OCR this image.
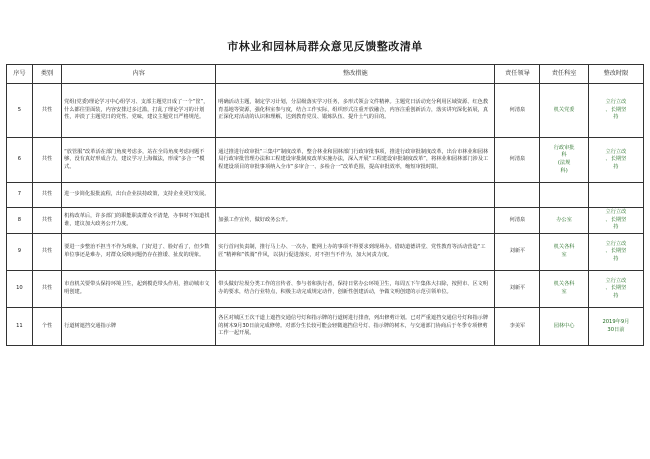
市林业和园林局群众意见反馈整改清单
序号	类别	内容	整改措施	责任领导	责任科室	整改时限
5	共性	党组(党委)理论学习中心组学习、支部主题党日成了一个“筐”，什么都往里面装，内容安排过多过滥，打乱了理论学习的计划性，冲淡了主题党日的党性、党味，建议主题党日严格规范。	明确活动主题，制定学习计划，分层级落实学习任务，多形式领会文件精神。主题党日活动充分利用区域资源、红色教育基地等资源，强化科室参与度，结合工作实际，组织形式注重开放融合，内容注重创新活力，落实讲究深化拓展，真正深化对活动的认识和理解，达到教育党员、锻炼队伍、提升士气的目的。	何清泉	机关党委	立行立改
、长期坚
持

6	共性	“放管服”改革活在部门角度考虑多，站在全局角度考虑问题不够，没有真好形成合力，建议学习上海做法，形成“多合一”模式。	通过推进行政审批“三集中”制度改革，整合林业和园林部门行政审批事项，推进行政审批制度改革，出台市林业和园林局行政审批管理办法和工程建设审批制度改革实施办法，深入开展“工程建设审批制度改革”，将林业和园林部门涉及工程建设项目的审批事项纳入全市“多审合一、多检合一”改革范围，提高审批效率，缩短审批时限。	何清泉	行政审批
科
(法规
科)	立行立改
、长期坚
持

7	共性	进一步简化报批流程，出台企业扶持政策，支持企业更好发展。				
8	共性	机构改革后，许多部门的职能职责群众不清楚，办事时不知道找谁，建议加大政务公开力度。	加强工作宣传，做好政务公开。	何清泉	办公室	立行立改
、长期坚
持

9	共性	要进一步整治不担当不作为现象，门好进了、脸好看了，但少数单位事还是难办，对群众反映问题仍存在推诿、扯皮的现象。	实行首问负责制，推行马上办、一次办，能网上办的事项不得要求到现场办。借助道德讲堂、党性教育等活动营造“工匠”精神和“铁骑”作风，以执行促进落实，对不担当不作为，加大问责力度。	刘新平	机关各科
室	立行立改
、长期坚
持

10	共性	市直机关要带头保持环境卫生，起到模范带头作用，推动城市文明创建。	带头做好垃圾分类工作的宣传者、参与者和执行者，保持日常办公环境卫生，每周五下午集体大扫除，按照市、区文明办的要求，结合行业特点，积极主动完成规定动作，创新性创建活动，争做文明创建的示范引领单位。	刘新平	机关各科
室	立行立改
、长期坚
持

11	个性	行道树遮挡交通指示牌	各区对城区王次干道上遮挡交通信号灯和指示牌的行道树进行排查，列出修剪计划。已对严重遮挡交通信号灯和指示牌的树木9月30日前完成修剪。对部分生长较可能会轻微遮挡信号灯、指示牌的树木，与交通部门协商后于冬季专项修剪工作一起开展。	李美军	园林中心	2019年9月
30日前
